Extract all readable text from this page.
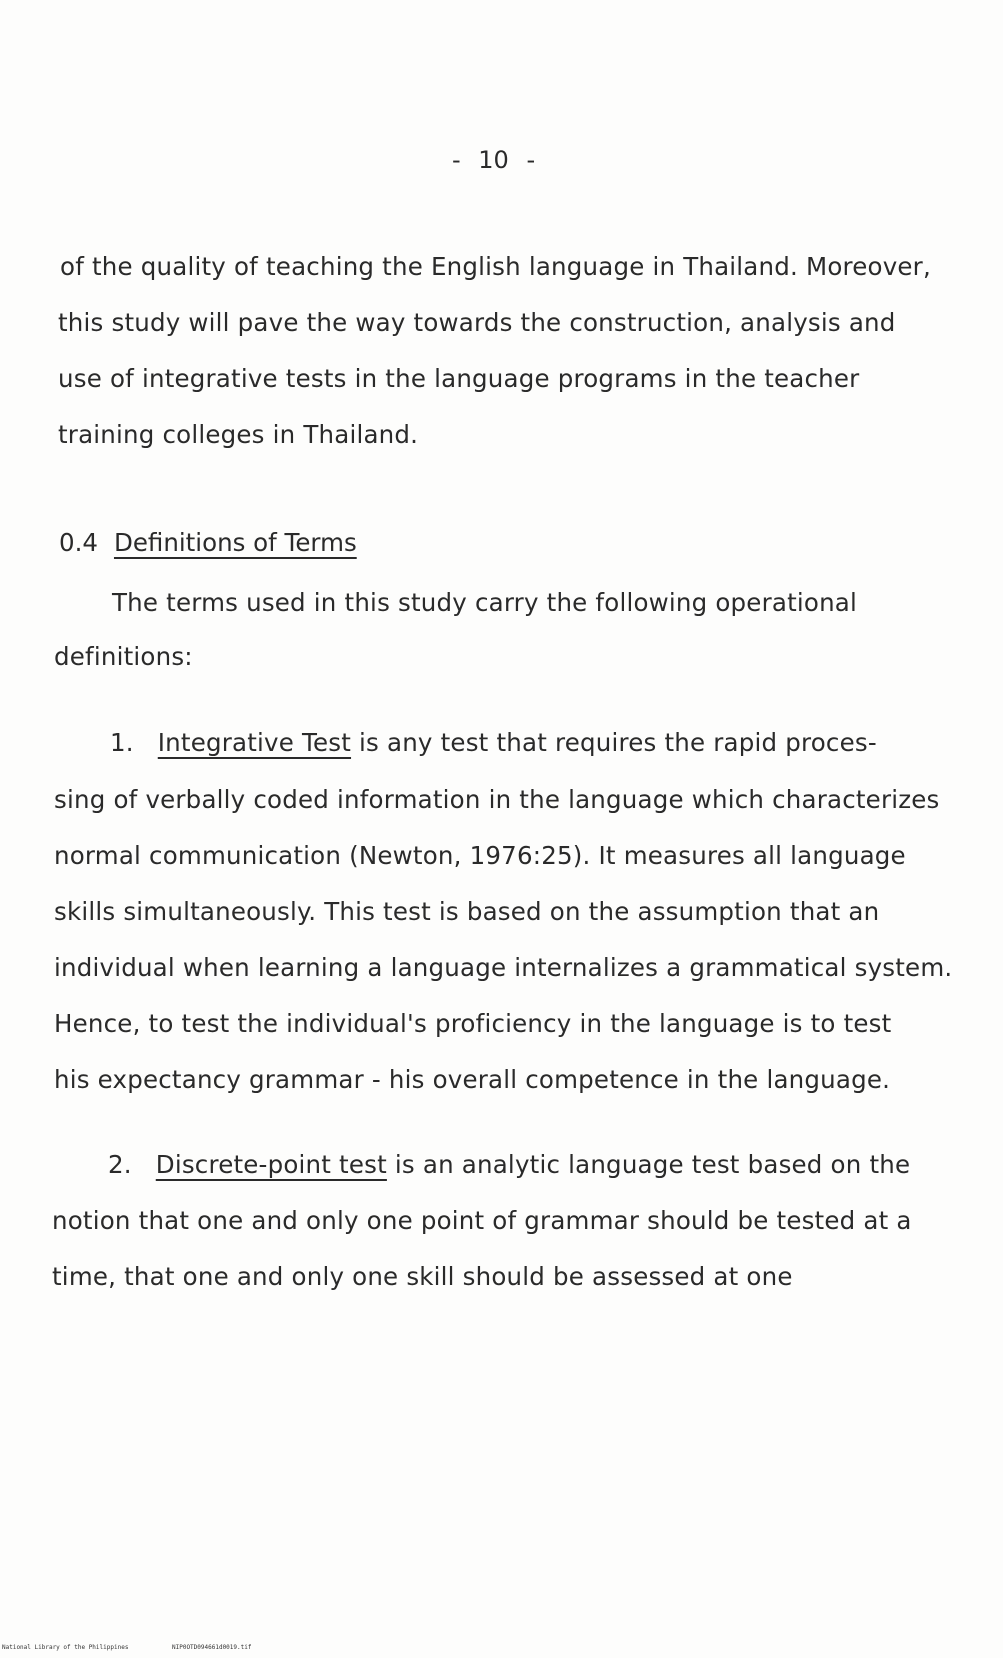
- 10 -
of the quality of teaching the English language in Thailand. Moreover,
this study will pave the way towards the construction, analysis and
use of integrative tests in the language programs in the teacher
training colleges in Thailand.
0.4 Definitions of Terms
The terms used in this study carry the following operational
definitions:
1. Integrative Test is any test that requires the rapid proces-
sing of verbally coded information in the language which characterizes
normal communication (Newton, 1976:25). It measures all language
skills simultaneously. This test is based on the assumption that an
individual when learning a language internalizes a grammatical system.
Hence, to test the individual's proficiency in the language is to test
his expectancy grammar - his overall competence in the language.
2. Discrete-point test is an analytic language test based on the
notion that one and only one point of grammar should be tested at a
time, that one and only one skill should be assessed at one
National Library of the Philippines	NIP0OTD094661d0019.tif
